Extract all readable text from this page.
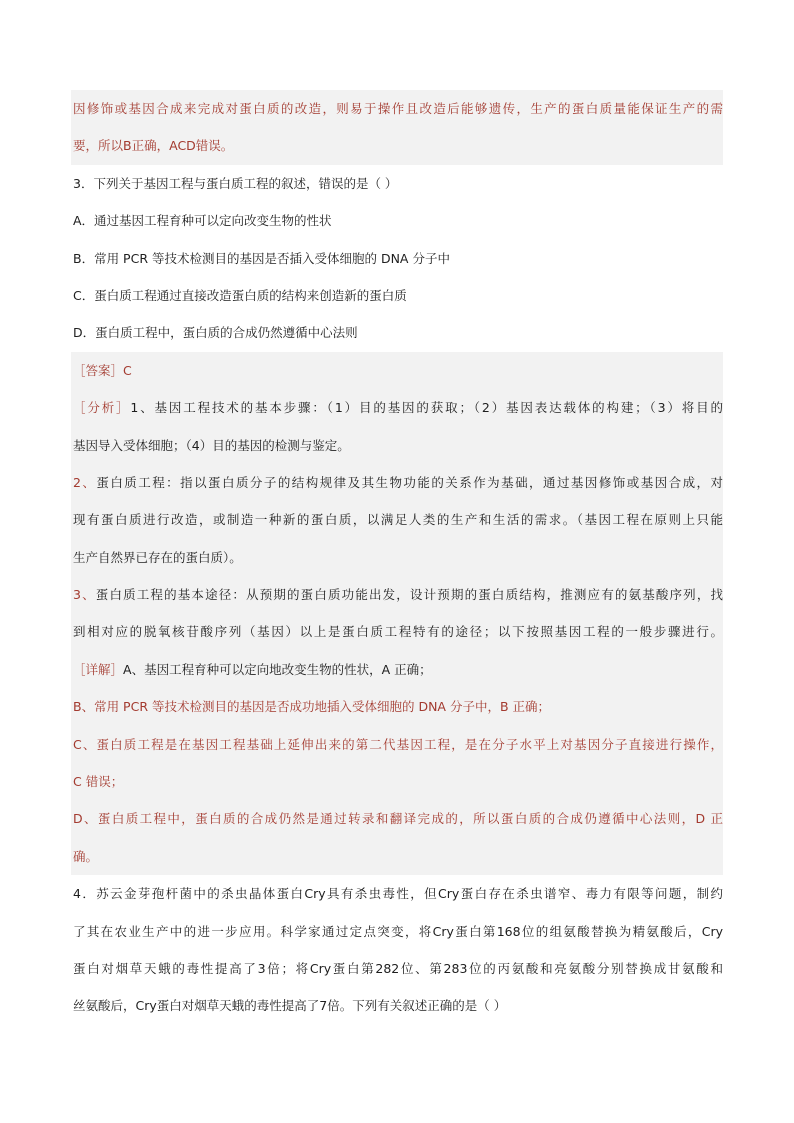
因修饰或基因合成来完成对蛋白质的改造，则易于操作且改造后能够遗传，生产的蛋白质量能保证生产的需
要，所以B正确，ACD错误。
3．下列关于基因工程与蛋白质工程的叙述，错误的是（ ）
A．通过基因工程育种可以定向改变生物的性状
B．常用 PCR 等技术检测目的基因是否插入受体细胞的 DNA 分子中
C．蛋白质工程通过直接改造蛋白质的结构来创造新的蛋白质
D．蛋白质工程中，蛋白质的合成仍然遵循中心法则
［答案］C
［分析］1、基因工程技术的基本步骤：（1）目的基因的获取；（2）基因表达载体的构建；（3）将目的
基因导入受体细胞；（4）目的基因的检测与鉴定。
2、蛋白质工程：指以蛋白质分子的结构规律及其生物功能的关系作为基础，通过基因修饰或基因合成，对
现有蛋白质进行改造，或制造一种新的蛋白质，以满足人类的生产和生活的需求。（基因工程在原则上只能
生产自然界已存在的蛋白质）。
3、蛋白质工程的基本途径：从预期的蛋白质功能出发，设计预期的蛋白质结构，推测应有的氨基酸序列，找
到相对应的脱氧核苷酸序列（基因）以上是蛋白质工程特有的途径；以下按照基因工程的一般步骤进行。
［详解］A、基因工程育种可以定向地改变生物的性状，A 正确；
B、常用 PCR 等技术检测目的基因是否成功地插入受体细胞的 DNA 分子中，B 正确；
C、蛋白质工程是在基因工程基础上延伸出来的第二代基因工程，是在分子水平上对基因分子直接进行操作，
C 错误；
D、蛋白质工程中，蛋白质的合成仍然是通过转录和翻译完成的，所以蛋白质的合成仍遵循中心法则，D 正
确。
4．苏云金芽孢杆菌中的杀虫晶体蛋白Cry具有杀虫毒性，但Cry蛋白存在杀虫谱窄、毒力有限等问题，制约
了其在农业生产中的进一步应用。科学家通过定点突变，将Cry蛋白第168位的组氨酸替换为精氨酸后，Cry
蛋白对烟草天蛾的毒性提高了3倍；将Cry蛋白第282位、第283位的丙氨酸和亮氨酸分别替换成甘氨酸和
丝氨酸后，Cry蛋白对烟草天蛾的毒性提高了7倍。下列有关叙述正确的是（ ）
